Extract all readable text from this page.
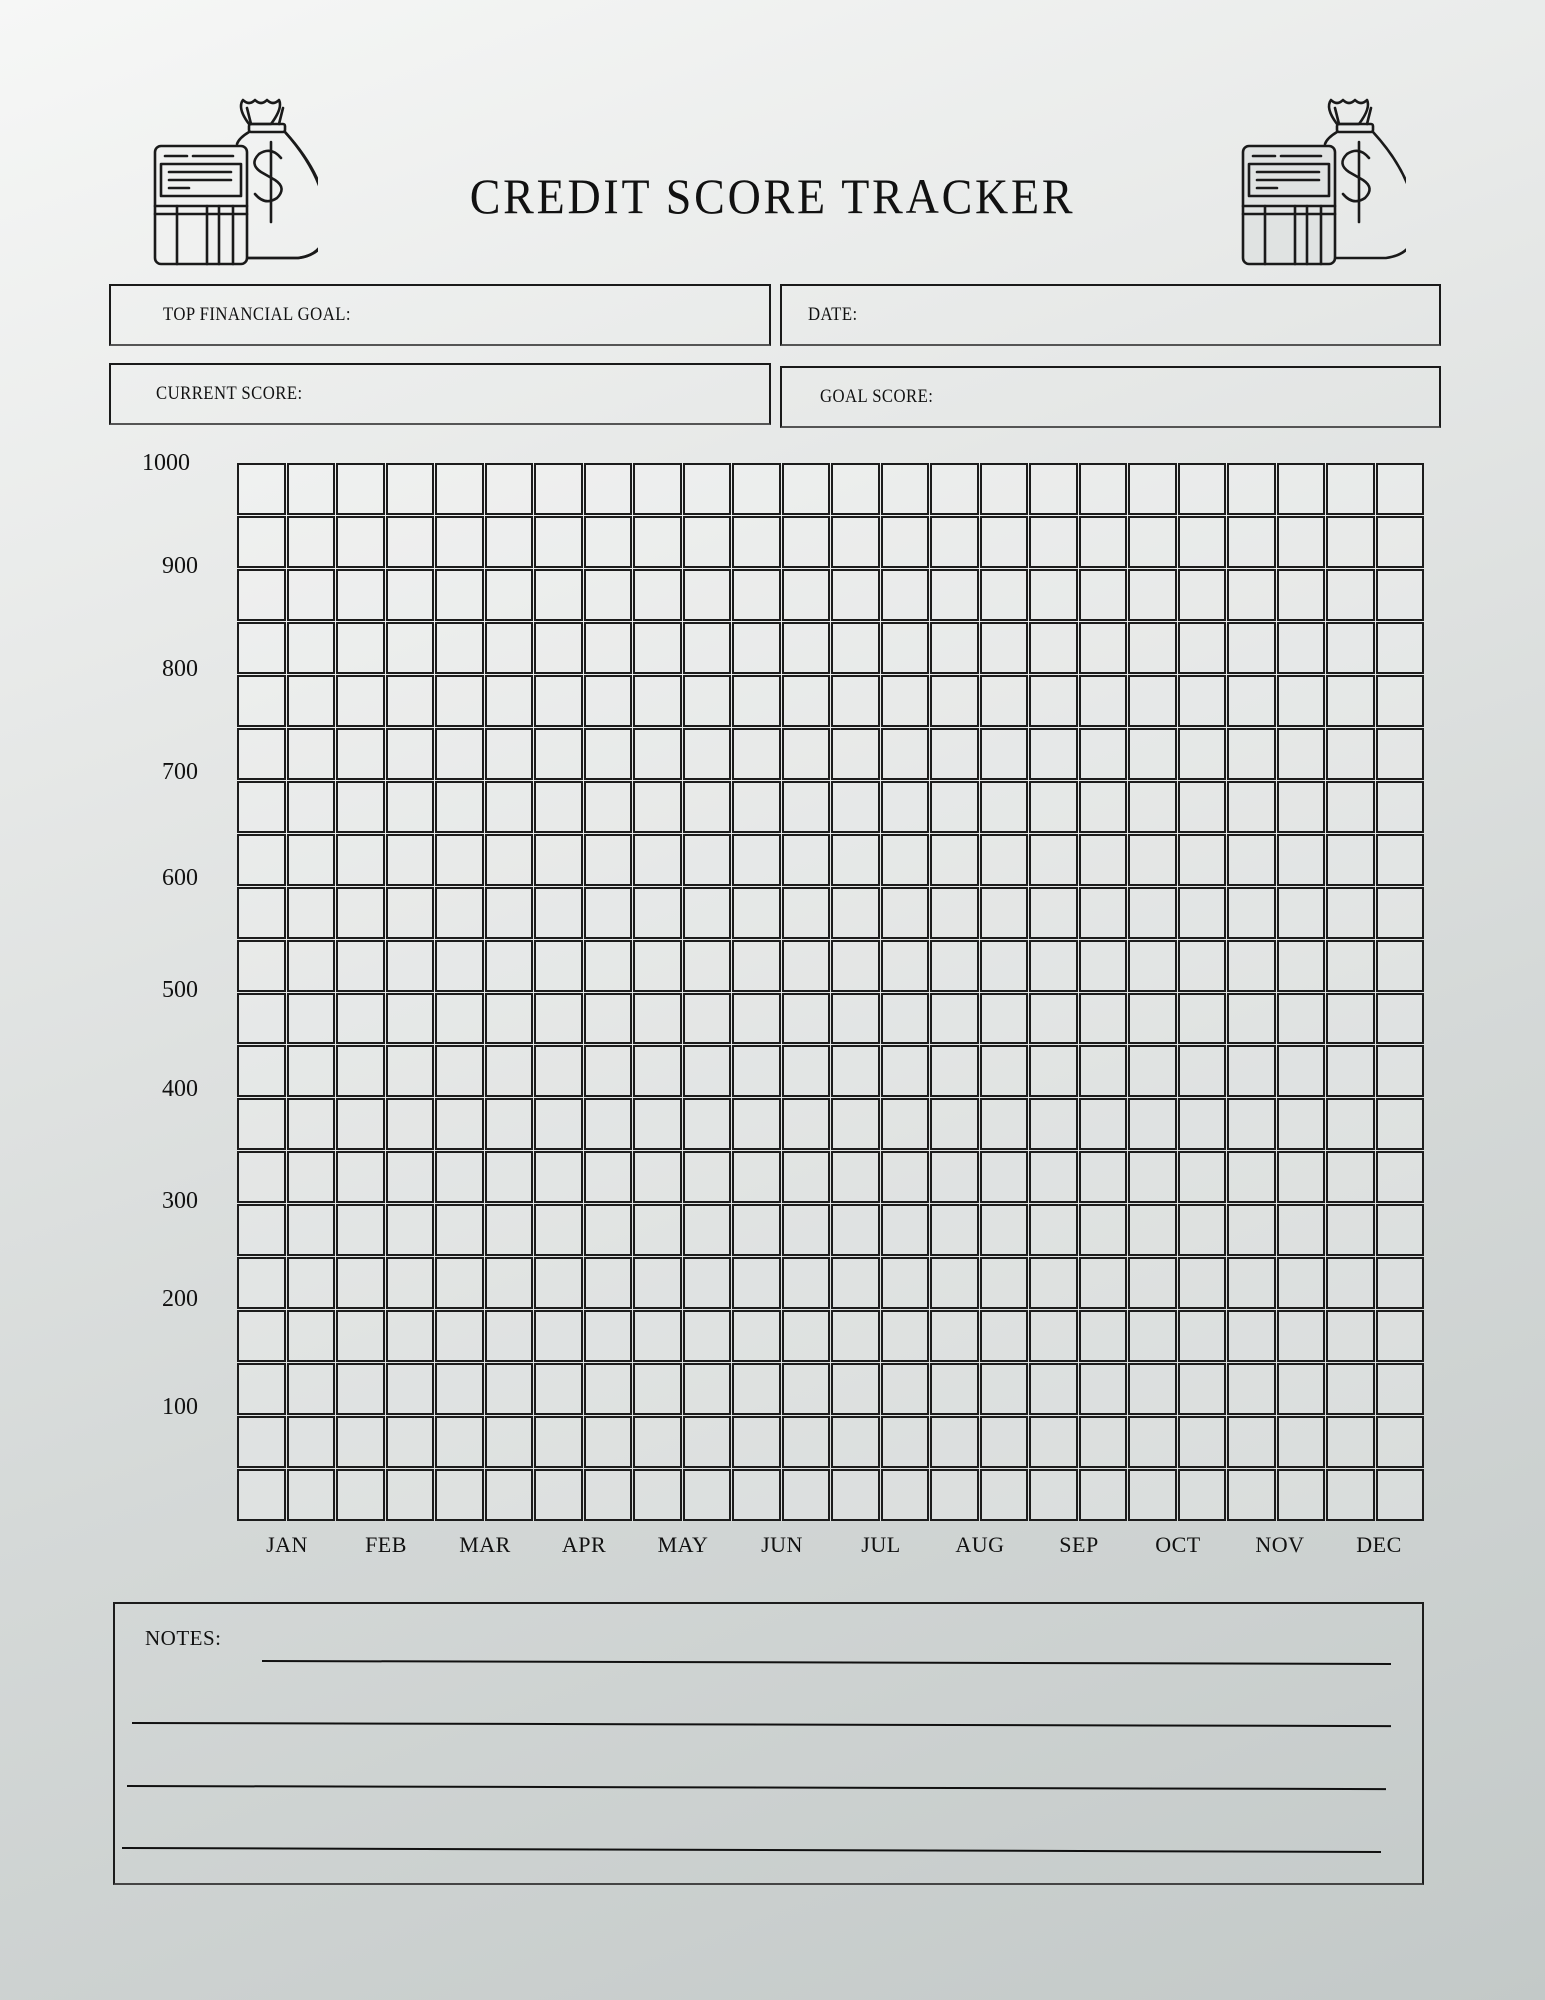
CREDIT SCORE TRACKER
TOP FINANCIAL GOAL:	DATE:
CURRENT SCORE:	GOAL SCORE:
1000
900
800
700
600
500
400
300
200
100
JAN	FEB	MAR	APR	MAY	JUN	JUL	AUG	SEP	OCT	NOV	DEC
NOTES:
